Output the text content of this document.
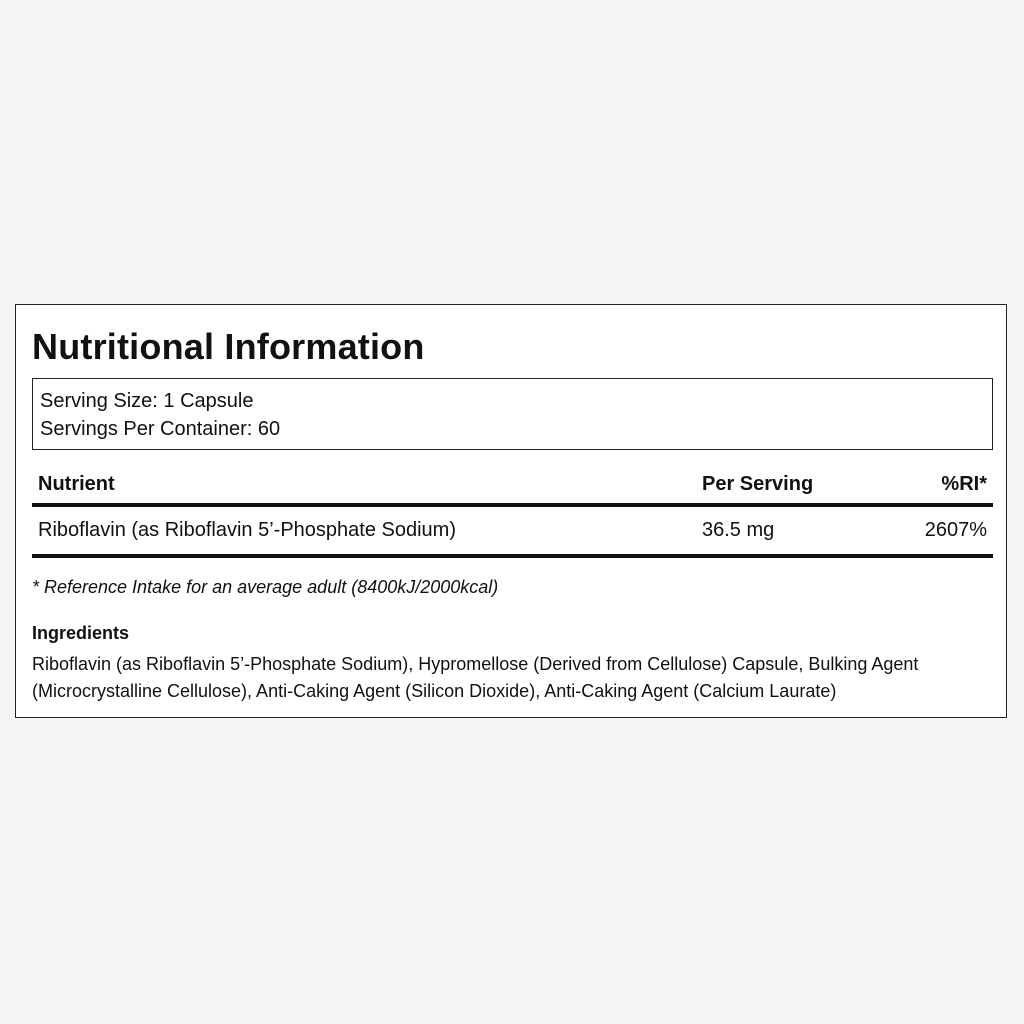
Nutritional Information
Serving Size: 1 Capsule
Servings Per Container: 60
Nutrient	Per Serving	%RI*
Riboflavin (as Riboflavin 5’-Phosphate Sodium)	36.5 mg	2607%
* Reference Intake for an average adult (8400kJ/2000kcal)
Ingredients

Riboflavin (as Riboflavin 5’-Phosphate Sodium), Hypromellose (Derived from Cellulose) Capsule, Bulking Agent (Microcrystalline Cellulose), Anti-Caking Agent (Silicon Dioxide), Anti-Caking Agent (Calcium Laurate)
